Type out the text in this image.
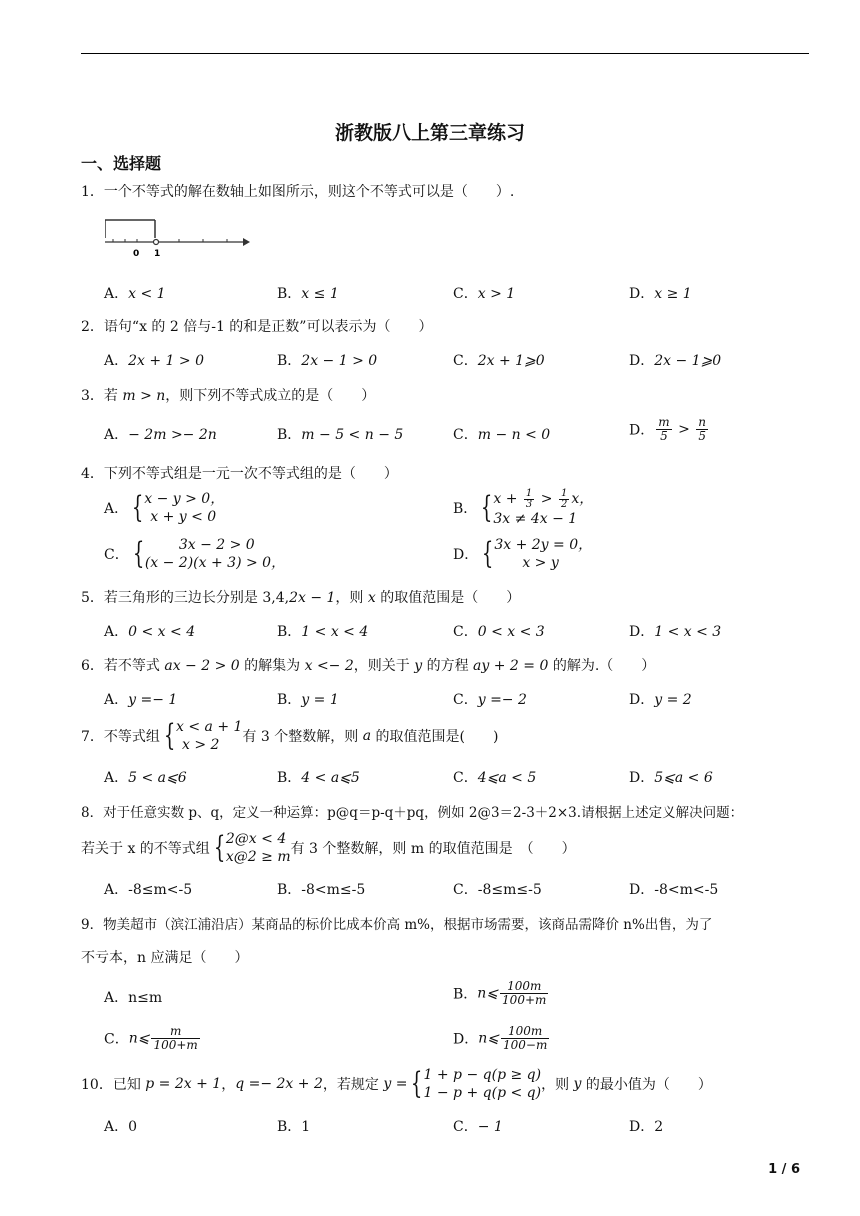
浙教版八上第三章练习
一、选择题
1．一个不等式的解在数轴上如图所示，则这个不等式可以是（　　）.
0 1
A．x < 1	B．x ≤ 1	C．x > 1	D．x ≥ 1
2．语句“x 的 2 倍与-1 的和是正数”可以表示为（　　）
A．2x + 1 > 0	B．2x − 1 > 0	C．2x + 1⩾0	D．2x − 1⩾0
3．若 m > n，则下列不等式成立的是（　　）
A．− 2m >− 2n	B．m − 5 < n − 5	C．m − n < 0	D． $\frac{m}{5} > \frac{n}{5}$
4．下列不等式组是一元一次不等式组的是（　　）
A． { x − y > 0，
x + y < 0	B． { $x + \frac{1}{3} > \frac{1}{2}$ x，
3x ≠ 4x − 1
C． {	3x − 2 > 0
(x − 2)(x + 3) > 0，	D． { 3x + 2y = 0，
x > y
5．若三角形的三边长分别是 3,4,2x − 1，则 x 的取值范围是（　　）
A．0 < x < 4	B．1 < x < 4	C．0 < x < 3	D．1 < x < 3
6．若不等式 ax − 2 > 0 的解集为 x <− 2，则关于 y 的方程 ay + 2 = 0 的解为.（　　）
A．y =− 1	B．y = 1	C．y =− 2	D．y = 2
7．不等式组 { x < a + 1
x > 2	有 3 个整数解，则 a 的取值范围是(　　)
A．5 < a⩽6	B．4 < a⩽5	C．4⩽a < 5	D．5⩽a < 6
8．对于任意实数 p、q，定义一种运算：p@q＝p-q＋pq，例如 2@3＝2-3＋2×3.请根据上述定义解决问题：
若关于 x 的不等式组 { 2@x < 4
x@2 ≥ m 有 3 个整数解，则 m 的取值范围是　（　　）
A．-8≤m<-5	B．-8<m≤-5	C．-8≤m≤-5	D．-8<m<-5
9．物美超市（滨江浦沿店）某商品的标价比成本价高 m%，根据市场需要，该商品需降价 n%出售，为了
不亏本，n 应满足（　　）
A．n≤m	B．n⩽ $\frac{100m}{100+m}$
C．n⩽ $\frac{m}{100+m}$	D．n⩽ $\frac{100m}{100-m}$
10．已知 p = 2x + 1，q =− 2x + 2，若规定 y = { 1 + p − q(p ≥ q)
1 − p + q(p < q) ，则 y 的最小值为（　　）
A．0	B．1	C．− 1	D．2
1 / 6
